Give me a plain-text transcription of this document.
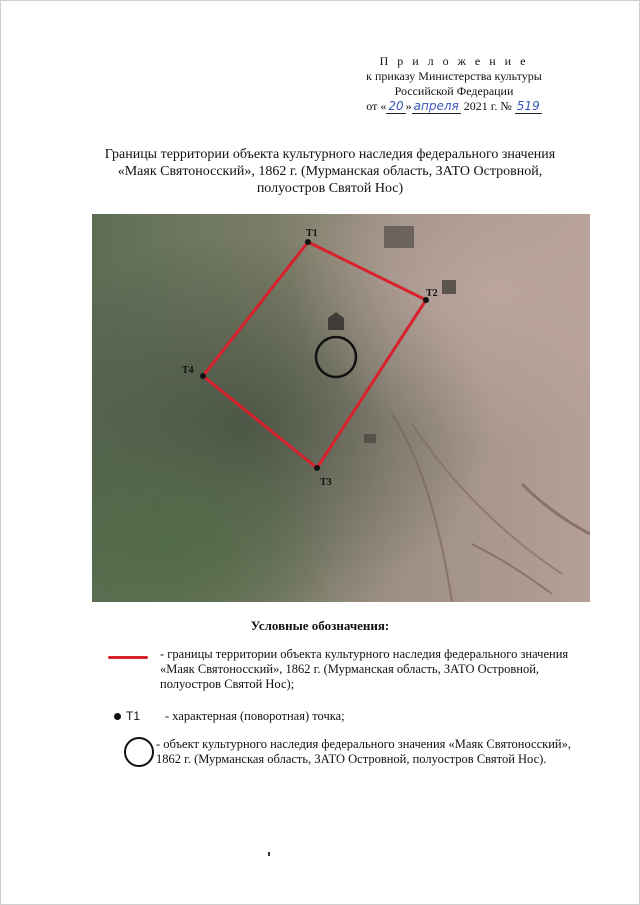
П р и л о ж е н и е
к приказу Министерства культуры
Российской Федерации
от « 20 » апреля 2021 г. № 519
Границы территории объекта культурного наследия федерального значения
«Маяк Святоносский», 1862 г. (Мурманская область, ЗАТО Островной,
полуостров Святой Нос)
Т1
Т2
Т3
Т4
Условные обозначения:
- границы территории объекта культурного наследия федерального значения «Маяк Святоносский», 1862 г. (Мурманская область, ЗАТО Островной, полуостров Святой Нос);
Т1 - характерная (поворотная) точка;
- объект культурного наследия федерального значения «Маяк Святоносский», 1862 г. (Мурманская область, ЗАТО Островной, полуостров Святой Нос).
